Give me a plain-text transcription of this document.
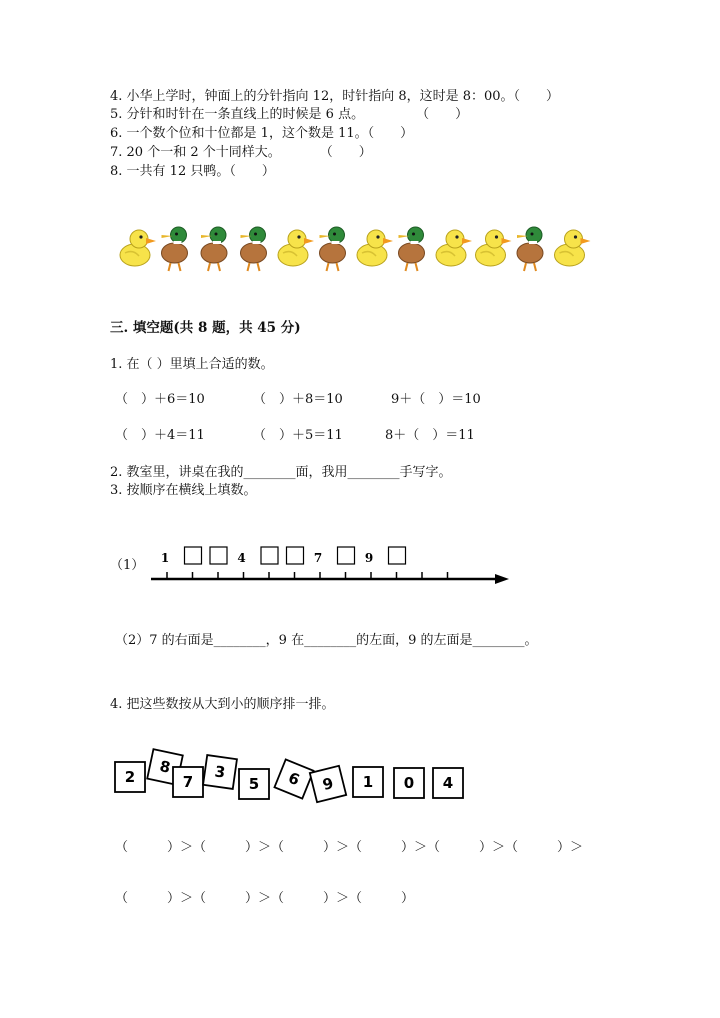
4. 小华上学时，钟面上的分针指向 12，时针指向 8，这时是 8：00。（　　）
5. 分针和时针在一条直线上的时候是 6 点。　　　　　（　　）
6. 一个数个位和十位都是 1，这个数是 11。（　　）
7. 20 个一和 2 个十同样大。　　　　（　　）
8. 一共有 12 只鸭。（　　）
三. 填空题(共 8 题，共 45 分)
1. 在（ ）里填上合适的数。
（　）＋6＝10	（　）＋8＝10	9＋（　）＝10
（　）＋4＝11	（　）＋5＝11	8＋（　）＝11
2. 教室里，讲桌在我的________面，我用________手写字。
3. 按顺序在横线上填数。
（1） 1	4	7	9
（2）7 的右面是________，9 在________的左面，9 的左面是________。
4. 把这些数按从大到小的顺序排一排。
2
8
7
3
5 6 9 1 0 4
（　　　）＞（　　　）＞（　　　）＞（　　　）＞（　　　）＞（　　　）＞
（　　　）＞（　　　）＞（　　　）＞（　　　）
